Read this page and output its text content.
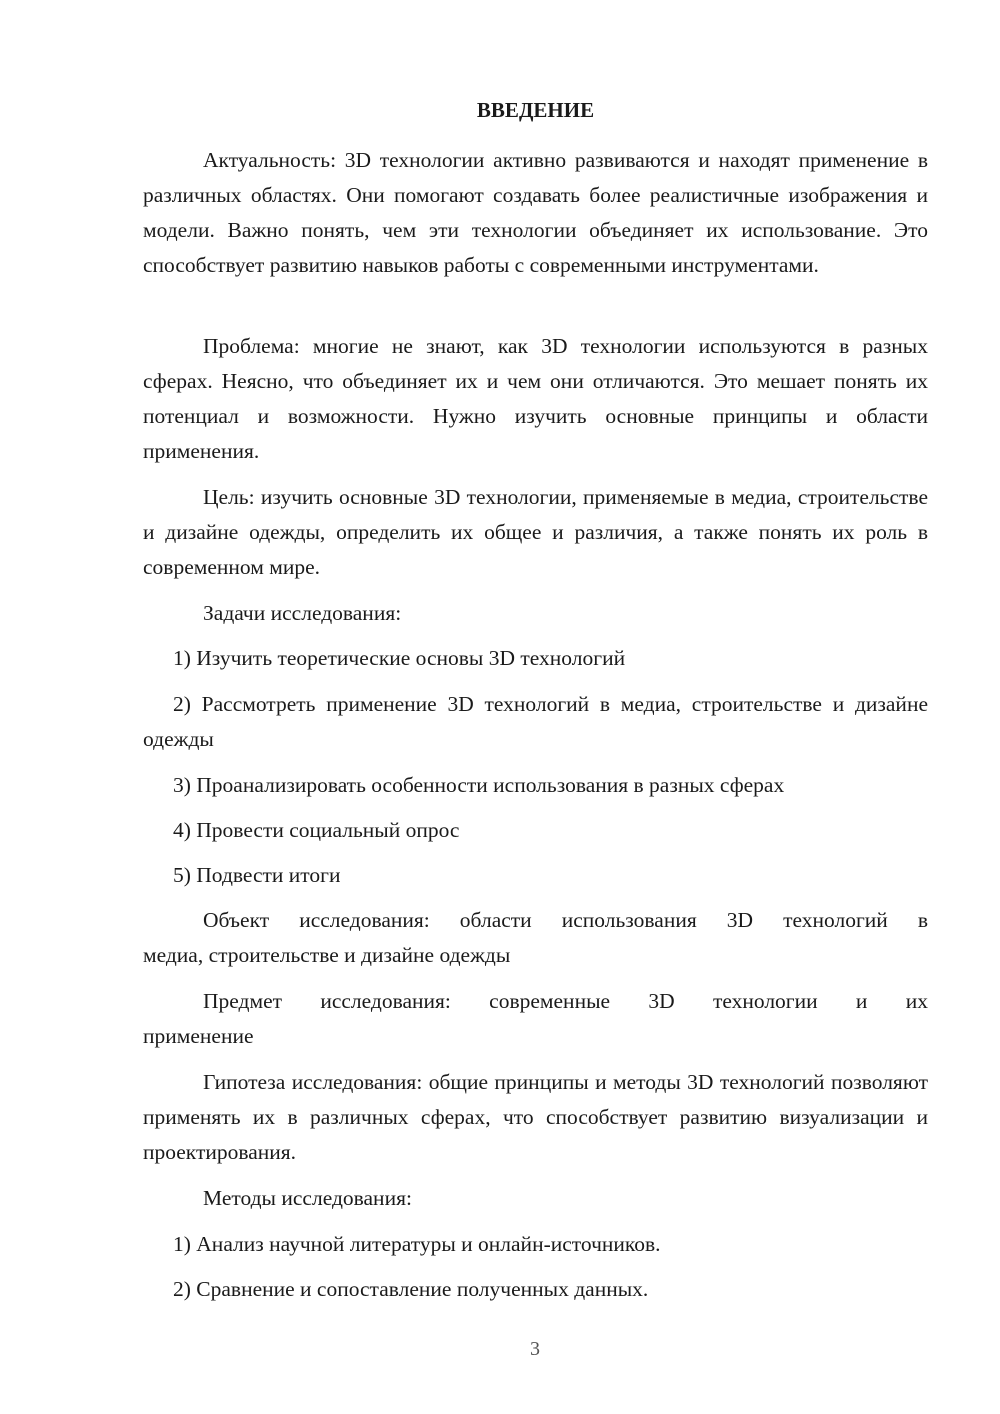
ВВЕДЕНИЕ

Актуальность: 3D технологии активно развиваются и находят применение в различных областях. Они помогают создавать более реалистичные изображения и модели. Важно понять, чем эти технологии объединяет их использование. Это способствует развитию навыков работы с современными инструментами.

Проблема: многие не знают, как 3D технологии используются в разных сферах. Неясно, что объединяет их и чем они отличаются. Это мешает понять их потенциал и возможности. Нужно изучить основные принципы и области применения.

Цель: изучить основные 3D технологии, применяемые в медиа, строительстве и дизайне одежды, определить их общее и различия, а также понять их роль в современном мире.

Задачи исследования:

1) Изучить теоретические основы 3D технологий

2) Рассмотреть применение 3D технологий в медиа, строительстве и дизайне одежды

3) Проанализировать особенности использования в разных сферах

4) Провести социальный опрос

5) Подвести итоги

Объект исследования: области использования 3D технологий в
медиа, строительстве и дизайне одежды
Предмет исследования: современные 3D технологии и их
применение

Гипотеза исследования: общие принципы и методы 3D технологий позволяют применять их в различных сферах, что способствует развитию визуализации и проектирования.

Методы исследования:

1) Анализ научной литературы и онлайн-источников.

2) Сравнение и сопоставление полученных данных.

3
